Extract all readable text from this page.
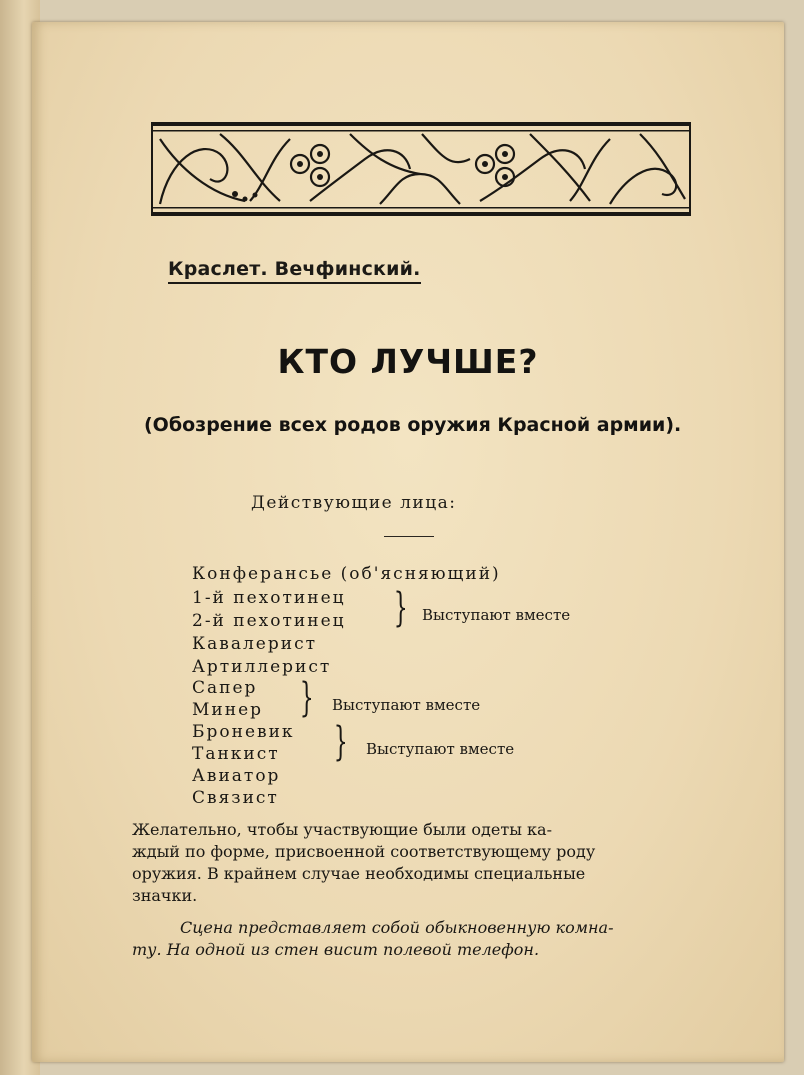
Краслет. Вечфинский.
КТО ЛУЧШЕ?
(Обозрение всех родов оружия Красной армии).
Действующие лица:
Конферансье (об'ясняющий)
1-й пехотинец
2-й пехотинец
Кавалерист
Артиллерист
Сапер
Минер
Броневик
Танкист
Авиатор
Связист
} Выступают вместе
} Выступают вместе
} Выступают вместе
Желательно, чтобы участвующие были одеты ка-
ждый по форме, присвоенной соответствующему роду
оружия. В крайнем случае необходимы специальные
значки.
Сцена представляет собой обыкновенную комна-
ту. На одной из стен висит полевой телефон.
